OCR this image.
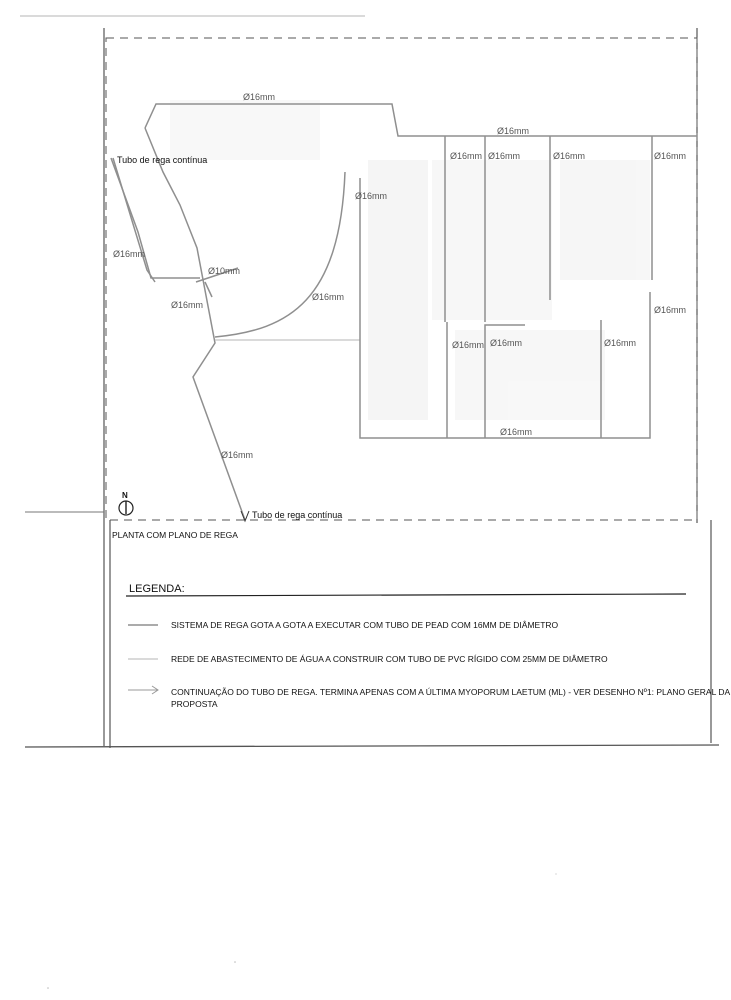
Ø16mm
Ø16mm
Ø16mm Ø16mm	Ø16mm	Ø16mm
Ø16mm
Ø16mm
Ø16mm Ø16mm	Ø16mm
Ø16mm
Ø16mm
Ø10mm
Ø16mm
Ø16mm
Ø16mm
Tubo de rega contínua
Tubo de rega contínua
N
PLANTA COM PLANO DE REGA
LEGENDA:
SISTEMA DE REGA GOTA A GOTA A EXECUTAR COM TUBO DE PEAD COM 16MM DE DIÂMETRO
REDE DE ABASTECIMENTO DE ÁGUA A CONSTRUIR COM TUBO DE PVC RÍGIDO COM 25MM DE DIÂMETRO
CONTINUAÇÃO DO TUBO DE REGA. TERMINA APENAS COM A ÚLTIMA MYOPORUM LAETUM (ML) - VER DESENHO Nº1: PLANO GERAL DA
PROPOSTA
